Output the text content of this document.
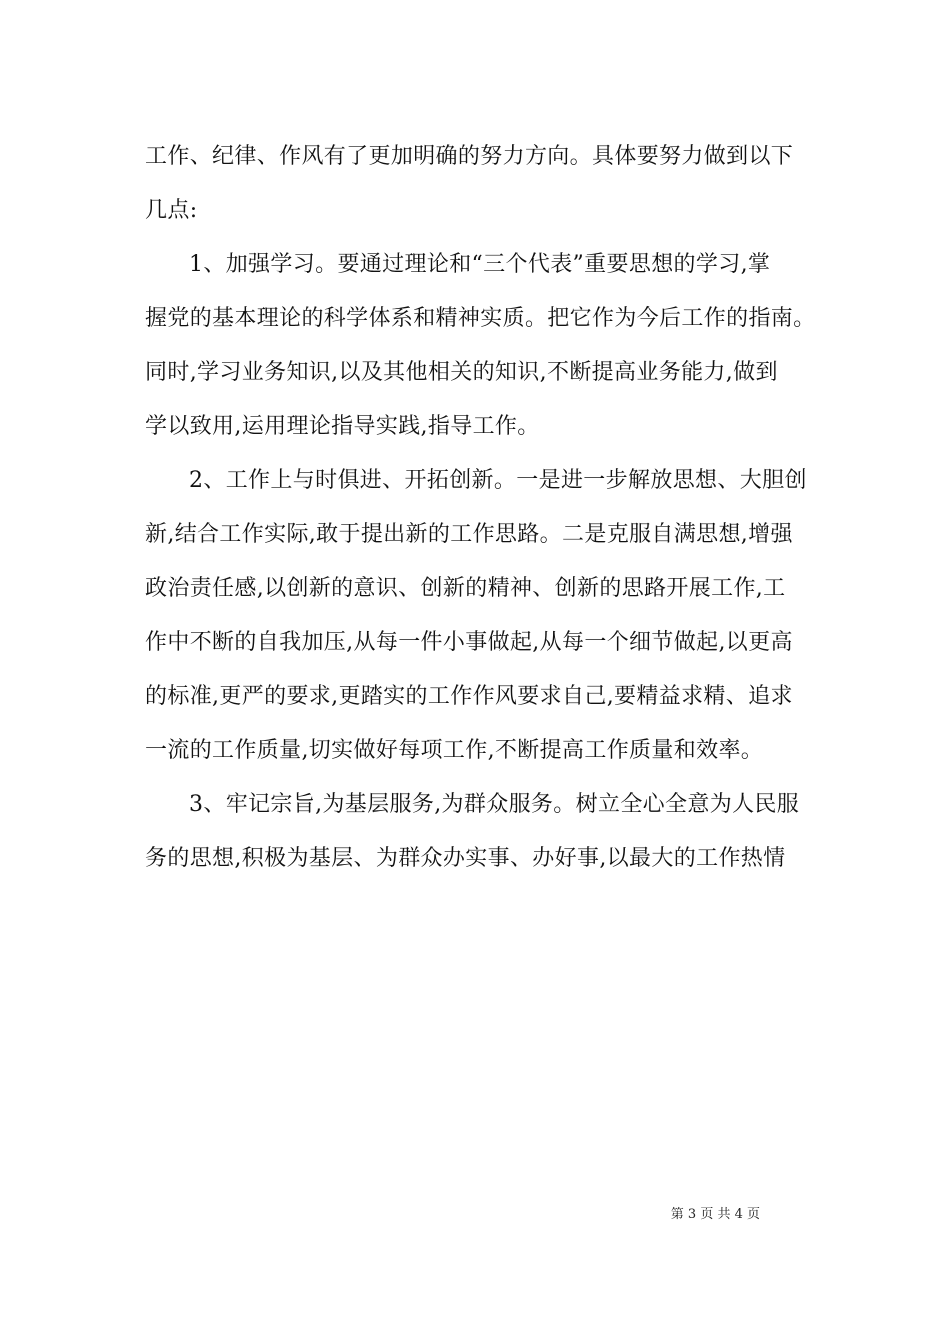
工作、纪律、作风有了更加明确的努力方向。具体要努力做到以下
几点:
1、加强学习。要通过理论和“三个代表”重要思想的学习,掌
握党的基本理论的科学体系和精神实质。把它作为今后工作的指南。
同时,学习业务知识,以及其他相关的知识,不断提高业务能力,做到
学以致用,运用理论指导实践,指导工作。
2、工作上与时俱进、开拓创新。一是进一步解放思想、大胆创
新,结合工作实际,敢于提出新的工作思路。二是克服自满思想,增强
政治责任感,以创新的意识、创新的精神、创新的思路开展工作,工
作中不断的自我加压,从每一件小事做起,从每一个细节做起,以更高
的标准,更严的要求,更踏实的工作作风要求自己,要精益求精、追求
一流的工作质量,切实做好每项工作,不断提高工作质量和效率。
3、牢记宗旨,为基层服务,为群众服务。树立全心全意为人民服
务的思想,积极为基层、为群众办实事、办好事,以最大的工作热情
第 3 页 共 4 页
